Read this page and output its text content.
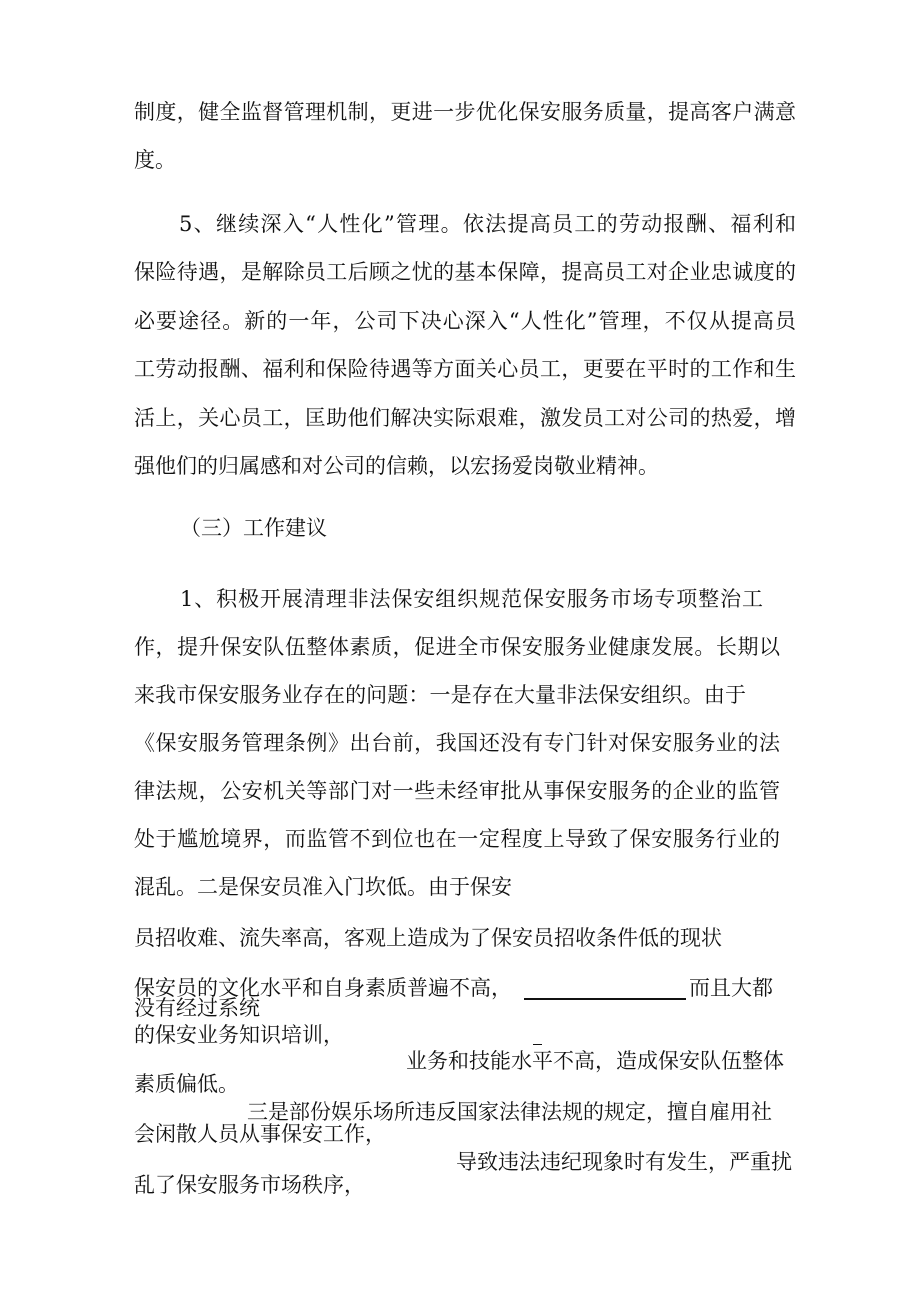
制度，健全监督管理机制，更进一步优化保安服务质量，提高客户满意
度。
5、继续深入“人性化”管理。依法提高员工的劳动报酬、福利和
保险待遇，是解除员工后顾之忧的基本保障，提高员工对企业忠诚度的
必要途径。新的一年，公司下决心深入“人性化”管理，不仅从提高员
工劳动报酬、福利和保险待遇等方面关心员工，更要在平时的工作和生
活上，关心员工，匡助他们解决实际艰难，激发员工对公司的热爱，增
强他们的归属感和对公司的信赖，以宏扬爱岗敬业精神。
（三）工作建议
1、积极开展清理非法保安组织规范保安服务市场专项整治工
作，提升保安队伍整体素质，促进全市保安服务业健康发展。长期以
来我市保安服务业存在的问题：一是存在大量非法保安组织。由于
《保安服务管理条例》出台前，我国还没有专门针对保安服务业的法
律法规，公安机关等部门对一些未经审批从事保安服务的企业的监管
处于尴尬境界，而监管不到位也在一定程度上导致了保安服务行业的
混乱。二是保安员准入门坎低。由于保安
员招收难、流失率高，客观上造成为了保安员招收条件低的现状
保安员的文化水平和自身素质普遍不高，	而且大都
没有经过系统
的保安业务知识培训，
业务和技能水平不高，造成保安队伍整体
素质偏低。
三是部份娱乐场所违反国家法律法规的规定，擅自雇用社
会闲散人员从事保安工作，
导致违法违纪现象时有发生，严重扰
乱了保安服务市场秩序，
